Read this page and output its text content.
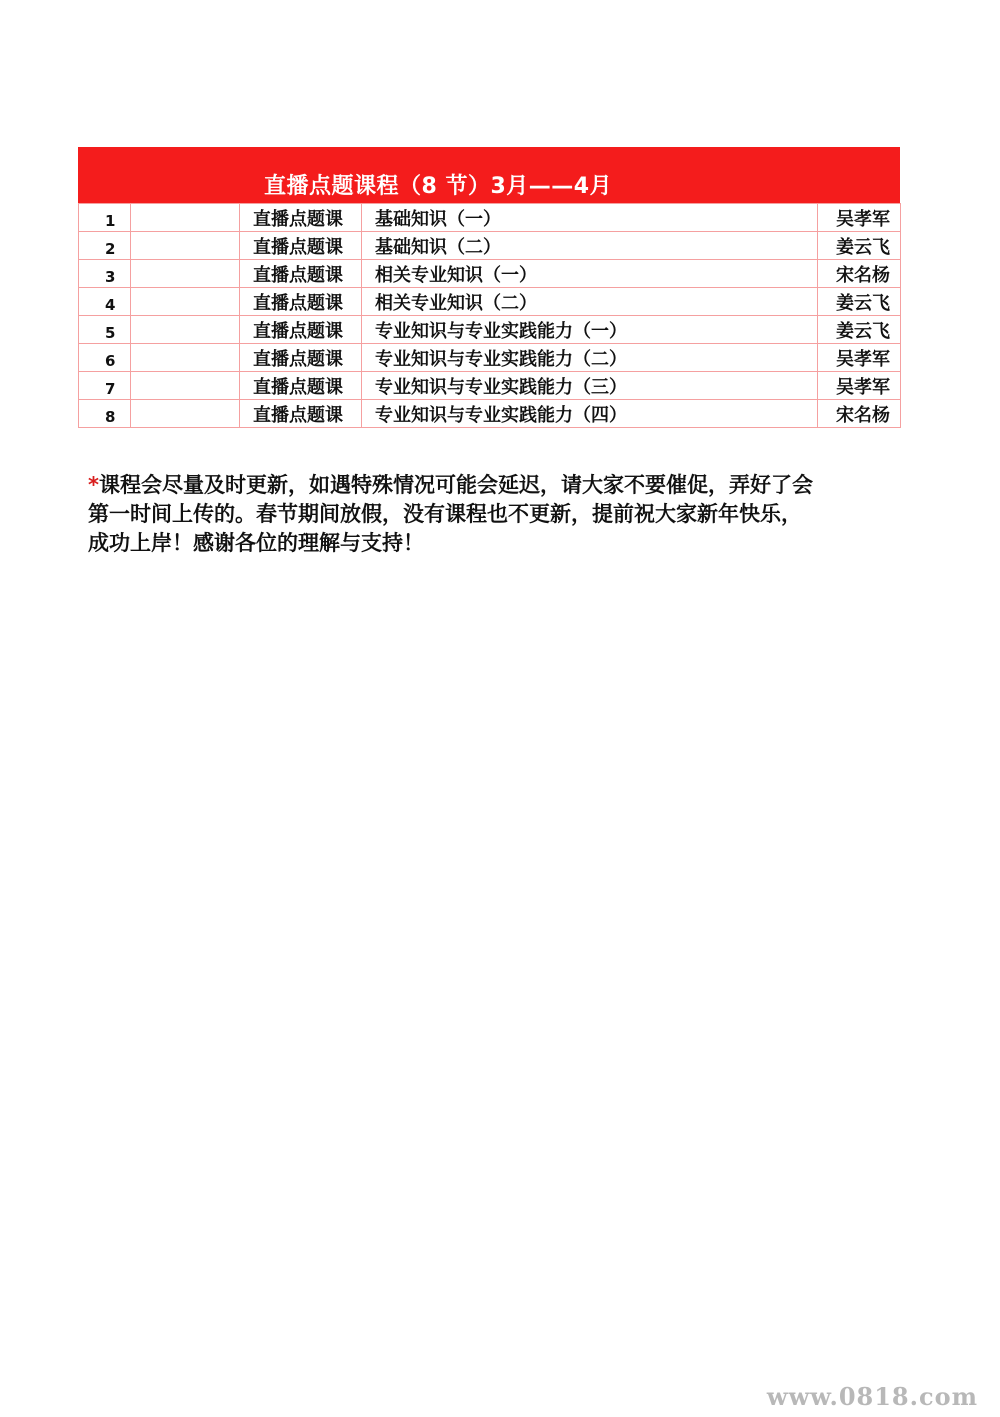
直播点题课程（8 节）3月——4月
1		直播点题课	基础知识（一）	吴孝军
2		直播点题课	基础知识（二）	姜云飞
3		直播点题课	相关专业知识（一）	宋名杨
4		直播点题课	相关专业知识（二）	姜云飞
5		直播点题课	专业知识与专业实践能力（一）	姜云飞
6		直播点题课	专业知识与专业实践能力（二）	吴孝军
7		直播点题课	专业知识与专业实践能力（三）	吴孝军
8		直播点题课	专业知识与专业实践能力（四）	宋名杨
*课程会尽量及时更新，如遇特殊情况可能会延迟，请大家不要催促，弄好了会
第一时间上传的。春节期间放假，没有课程也不更新，提前祝大家新年快乐，
成功上岸！感谢各位的理解与支持！
www.0818.com
